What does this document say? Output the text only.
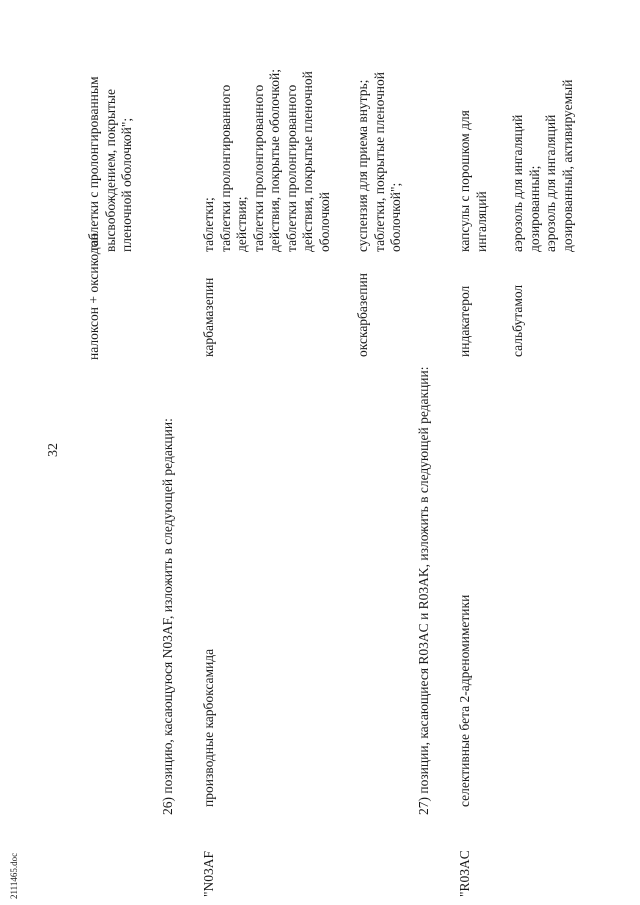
2111465.doc
32
налоксон + оксикодон
таблетки с пролонгированным
высвобождением, покрытые
пленочной оболочкой";
26) позицию, касающуюся N03AF, изложить в следующей редакции:
"N03AF
производные карбоксамида
карбамазепин
таблетки;
таблетки пролонгированного
действия;
таблетки пролонгированного
действия, покрытые оболочкой;
таблетки пролонгированного
действия, покрытые пленочной
оболочкой
окскарбазепин
суспензия для приема внутрь;
таблетки, покрытые пленочной
оболочкой";
27) позиции, касающиеся R03AC и R03AK, изложить в следующей редакции:
"R03AC
селективные бета 2-адреномиметики
индакатерол
капсулы с порошком для
ингаляций
сальбутамол
аэрозоль для ингаляций
дозированный;
аэрозоль для ингаляций
дозированный, активируемый
